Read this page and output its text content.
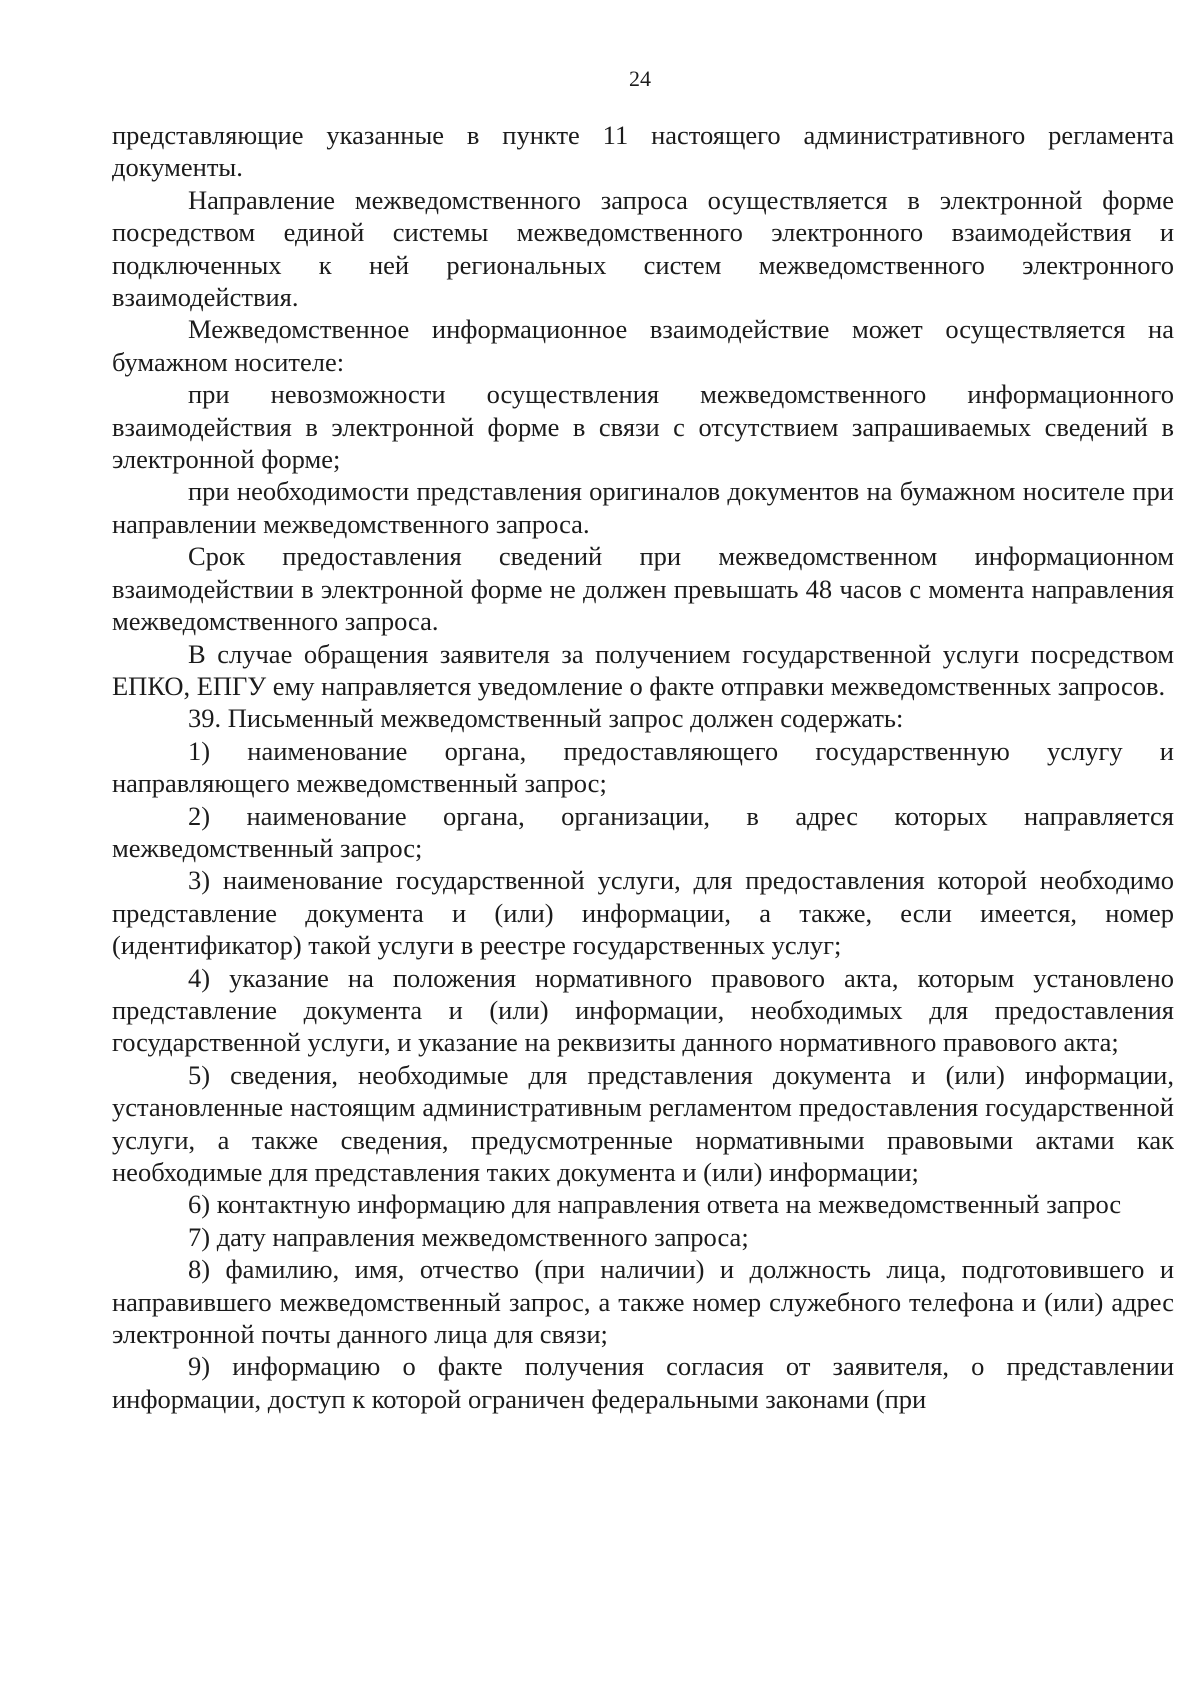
24

представляющие указанные в пункте 11 настоящего административного регламента документы.

Направление межведомственного запроса осуществляется в электронной форме посредством единой системы межведомственного электронного взаимодействия и подключенных к ней региональных систем межведомственного электронного взаимодействия.

Межведомственное информационное взаимодействие может осуществляется на бумажном носителе:

при невозможности осуществления межведомственного информационного взаимодействия в электронной форме в связи с отсутствием запрашиваемых сведений в электронной форме;

при необходимости представления оригиналов документов на бумажном носителе при направлении межведомственного запроса.

Срок предоставления сведений при межведомственном информационном взаимодействии в электронной форме не должен превышать 48 часов с момента направления межведомственного запроса.

В случае обращения заявителя за получением государственной услуги посредством ЕПКО, ЕПГУ ему направляется уведомление о факте отправки межведомственных запросов.

39. Письменный межведомственный запрос должен содержать:

1) наименование органа, предоставляющего государственную услугу и направляющего межведомственный запрос;

2) наименование органа, организации, в адрес которых направляется межведомственный запрос;

3) наименование государственной услуги, для предоставления которой необходимо представление документа и (или) информации, а также, если имеется, номер (идентификатор) такой услуги в реестре государственных услуг;

4) указание на положения нормативного правового акта, которым установлено представление документа и (или) информации, необходимых для предоставления государственной услуги, и указание на реквизиты данного нормативного правового акта;

5) сведения, необходимые для представления документа и (или) информации, установленные настоящим административным регламентом предоставления государственной услуги, а также сведения, предусмотренные нормативными правовыми актами как необходимые для представления таких документа и (или) информации;

6) контактную информацию для направления ответа на межведомственный запрос

7) дату направления межведомственного запроса;

8) фамилию, имя, отчество (при наличии) и должность лица, подготовившего и направившего межведомственный запрос, а также номер служебного телефона и (или) адрес электронной почты данного лица для связи;

9) информацию о факте получения согласия от заявителя, о представлении информации, доступ к которой ограничен федеральными законами (при
